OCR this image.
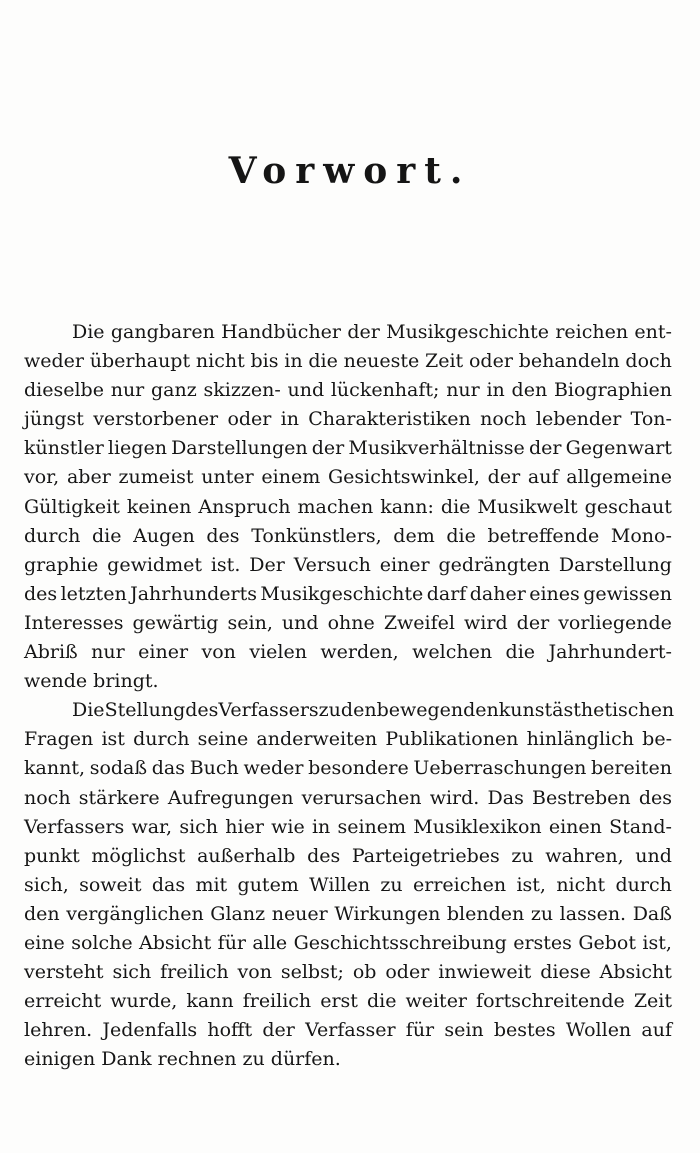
Vorwort.
Die gangbaren Handbücher der Musikgeschichte reichen ent-
weder überhaupt nicht bis in die neueste Zeit oder behandeln doch
dieselbe nur ganz skizzen- und lückenhaft; nur in den Biographien
jüngst verstorbener oder in Charakteristiken noch lebender Ton-
künstler liegen Darstellungen der Musikverhältnisse der Gegenwart
vor, aber zumeist unter einem Gesichtswinkel, der auf allgemeine
Gültigkeit keinen Anspruch machen kann: die Musikwelt geschaut
durch die Augen des Tonkünstlers, dem die betreffende Mono-
graphie gewidmet ist. Der Versuch einer gedrängten Darstellung
des letzten Jahrhunderts Musikgeschichte darf daher eines gewissen
Interesses gewärtig sein, und ohne Zweifel wird der vorliegende
Abriß nur einer von vielen werden, welchen die Jahrhundert-
wende bringt.
Die Stellung des Verfassers zu den bewegenden kunstästhetischen
Fragen ist durch seine anderweiten Publikationen hinlänglich be-
kannt, sodaß das Buch weder besondere Ueberraschungen bereiten
noch stärkere Aufregungen verursachen wird. Das Bestreben des
Verfassers war, sich hier wie in seinem Musiklexikon einen Stand-
punkt möglichst außerhalb des Parteigetriebes zu wahren, und
sich, soweit das mit gutem Willen zu erreichen ist, nicht durch
den vergänglichen Glanz neuer Wirkungen blenden zu lassen. Daß
eine solche Absicht für alle Geschichtsschreibung erstes Gebot ist,
versteht sich freilich von selbst; ob oder inwieweit diese Absicht
erreicht wurde, kann freilich erst die weiter fortschreitende Zeit
lehren. Jedenfalls hofft der Verfasser für sein bestes Wollen auf
einigen Dank rechnen zu dürfen.
